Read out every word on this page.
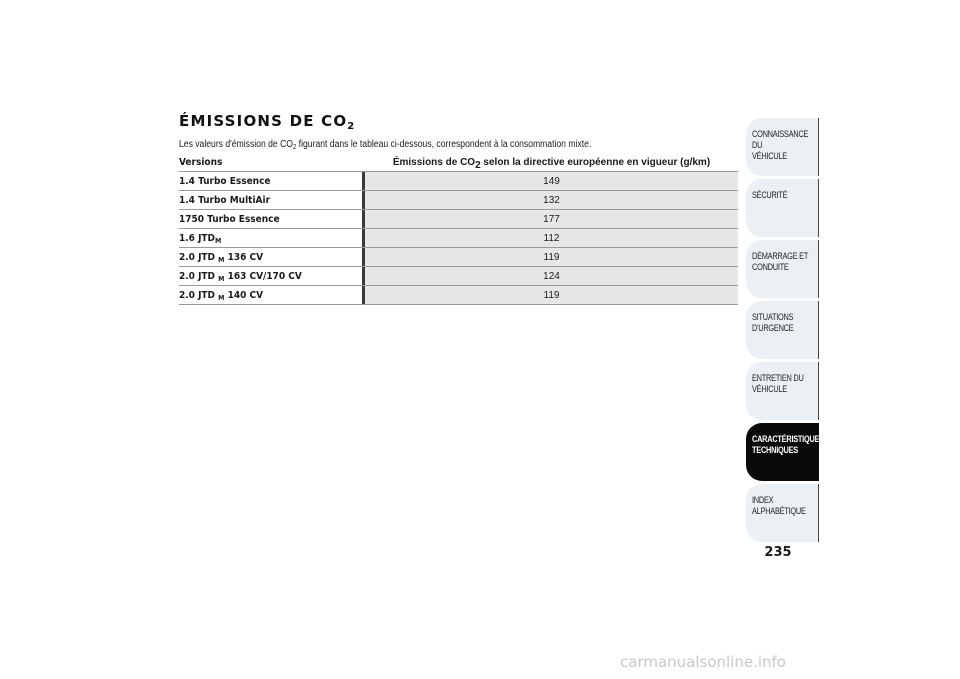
ÉMISSIONS DE $CO_2$

Les valeurs d'émission de $CO_2$ figurant dans le tableau ci-dessous, correspondent à la consommation mixte.

Versions	Émissions de $CO_2$ selon la directive européenne en vigueur (g/km)
1.4 Turbo Essence	149
1.4 Turbo MultiAir	132
1750 Turbo Essence	177
1.6 $JTD_M$	112
2.0 JTD $_M$ 136 CV	119
2.0 JTD $_M$ 163 CV/170 CV	124
2.0 JTD $_M$ 140 CV	119
CONNAISSANCE DU
VÉHICULE
SÉCURITÉ
DÉMARRAGE ET
CONDUITE
SITUATIONS
D'URGENCE
ENTRETIEN DU
VÉHICULE
CARACTÉRISTIQUES
TECHNIQUES
INDEX
ALPHABÉTIQUE
235
carmanualsonline.info
